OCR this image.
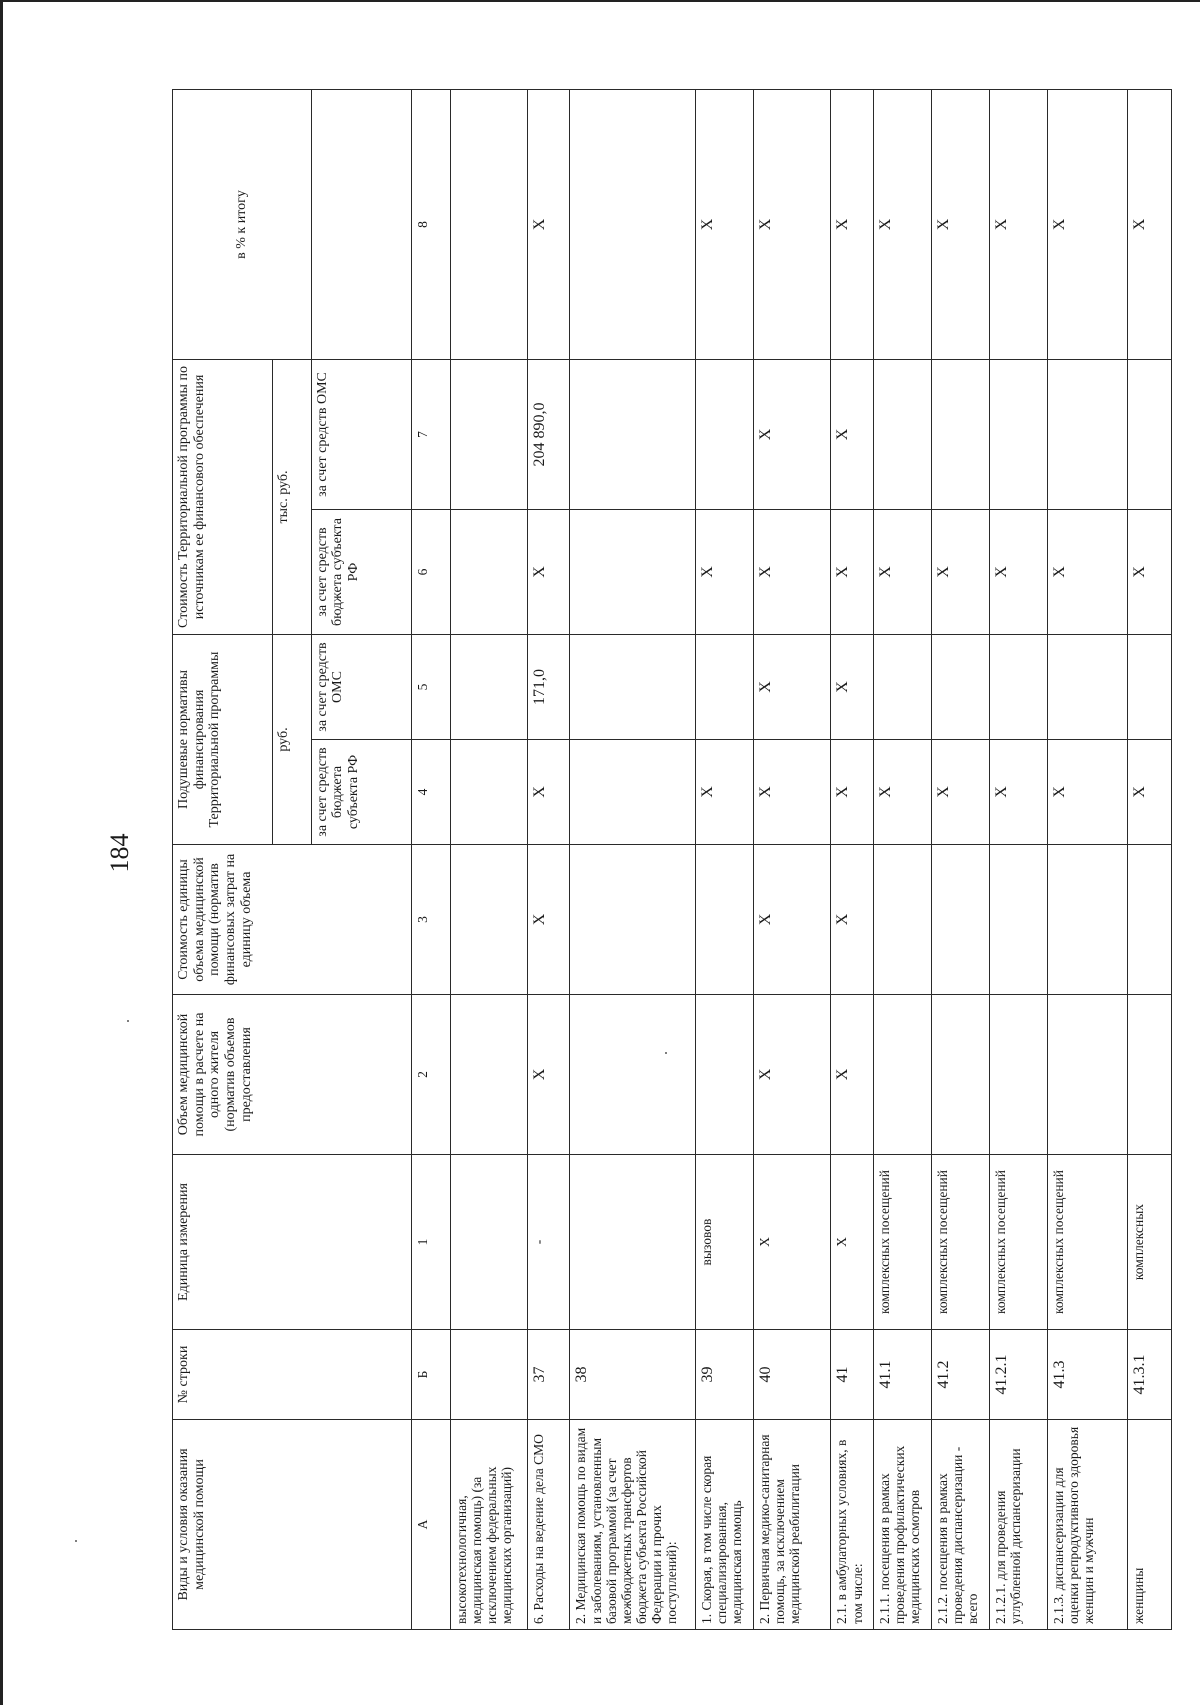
184
Виды и условия оказания медицинской помощи	№ строки	Единица измерения	Объем медицинской помощи в расчете на одного жителя (норматив объемов предоставления	Стоимость единицы объема медицинской помощи (норматив финансовых затрат на единицу объема	Подушевые нормативы финансирования Территориальной программы		Стоимость Территориальной программы по источникам ее финансового обеспечения		в % к итогу
					руб.		тыс. руб.		
					за счет средств бюджета субъекта РФ	за счет средств ОМС	за счет средств бюджета субъекта РФ	за счет средств ОМС	
А	Б	1	2	3	4	5	6	7	8
высокотехнологичная, медицинская помощь) (за исключением федеральных медицинских организаций)									
6. Расходы на ведение дела СМО	37	-	X	X	X	171,0	X	204 890,0	X
2. Медицинская помощь по видам и заболеваниям, установленным базовой программой (за счет межбюджетных трансфертов бюджета субъекта Российской Федерации и прочих поступлений):	38								
1. Скорая, в том числе скорая специализированная, медицинская помощь	39	вызовов			X		X		X
2. Первичная медико-санитарная помощь, за исключением медицинской реабилитации	40	X	X	X	X	X	X	X	X
2.1. в амбулаторных условиях, в том числе:	41	X	X	X	X	X	X	X	X
2.1.1. посещения в рамках проведения профилактических медицинских осмотров	41.1	комплексных посещений			X		X		X
2.1.2. посещения в рамках проведения диспансеризации - всего	41.2	комплексных посещений			X		X		X
2.1.2.1. для проведения углубленной диспансеризации	41.2.1	комплексных посещений			X		X		X
2.1.3. диспансеризации для оценки репродуктивного здоровья женщин и мужчин	41.3	комплексных посещений			X		X		X
женщины	41.3.1	комплексных			X		X		X
